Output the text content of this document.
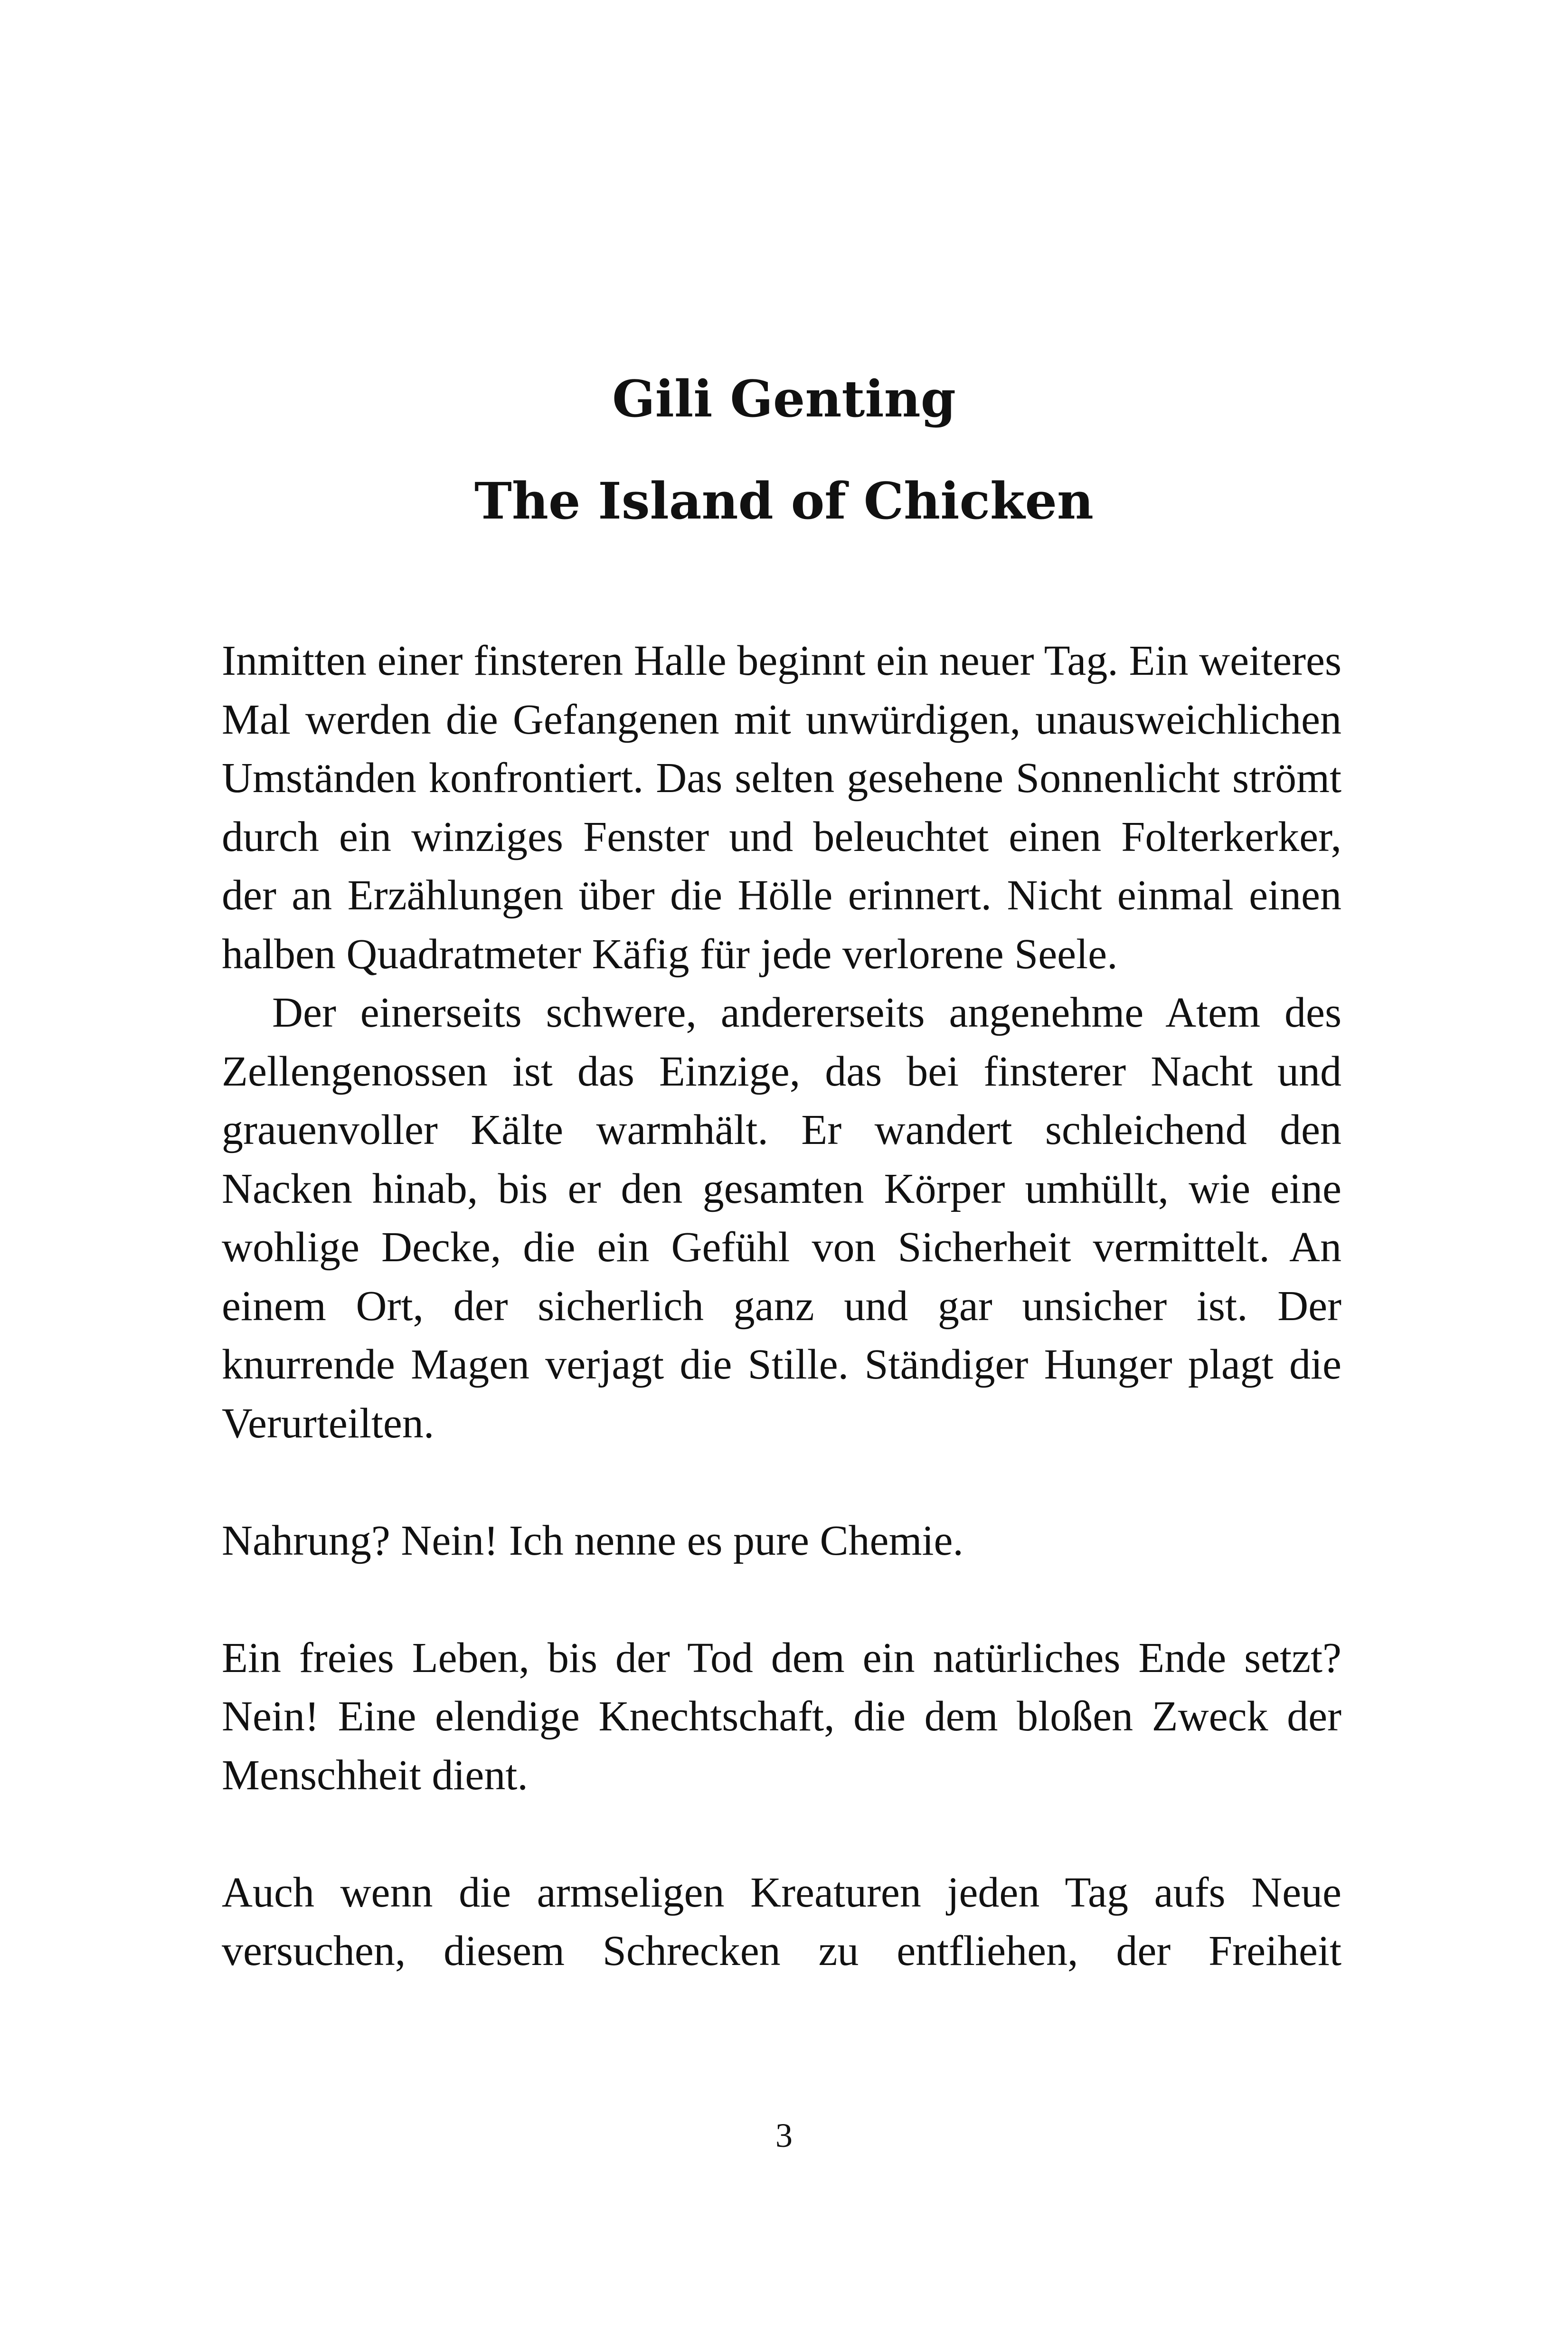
Gili Genting
The Island of Chicken

Inmitten einer finsteren Halle beginnt ein neuer Tag. Ein weiteres Mal werden die Gefangenen mit unwürdigen, unausweichlichen Umständen konfrontiert. Das selten gesehene Sonnenlicht strömt durch ein winziges Fenster und beleuchtet einen Folterkerker, der an Erzählungen über die Hölle erinnert. Nicht einmal einen halben Quadratmeter Käfig für jede verlorene Seele.

Der einerseits schwere, andererseits angenehme Atem des Zellengenossen ist das Einzige, das bei finsterer Nacht und grauenvoller Kälte warmhält. Er wandert schleichend den Nacken hinab, bis er den gesamten Körper umhüllt, wie eine wohlige Decke, die ein Gefühl von Sicherheit vermittelt. An einem Ort, der sicherlich ganz und gar unsicher ist. Der knurrende Magen verjagt die Stille. Ständiger Hunger plagt die Verurteilten.

Nahrung? Nein! Ich nenne es pure Chemie.

Ein freies Leben, bis der Tod dem ein natürliches Ende setzt? Nein! Eine elendige Knechtschaft, die dem bloßen Zweck der Menschheit dient.

Auch wenn die armseligen Kreaturen jeden Tag aufs Neue versuchen, diesem Schrecken zu entfliehen, der Freiheit

3
